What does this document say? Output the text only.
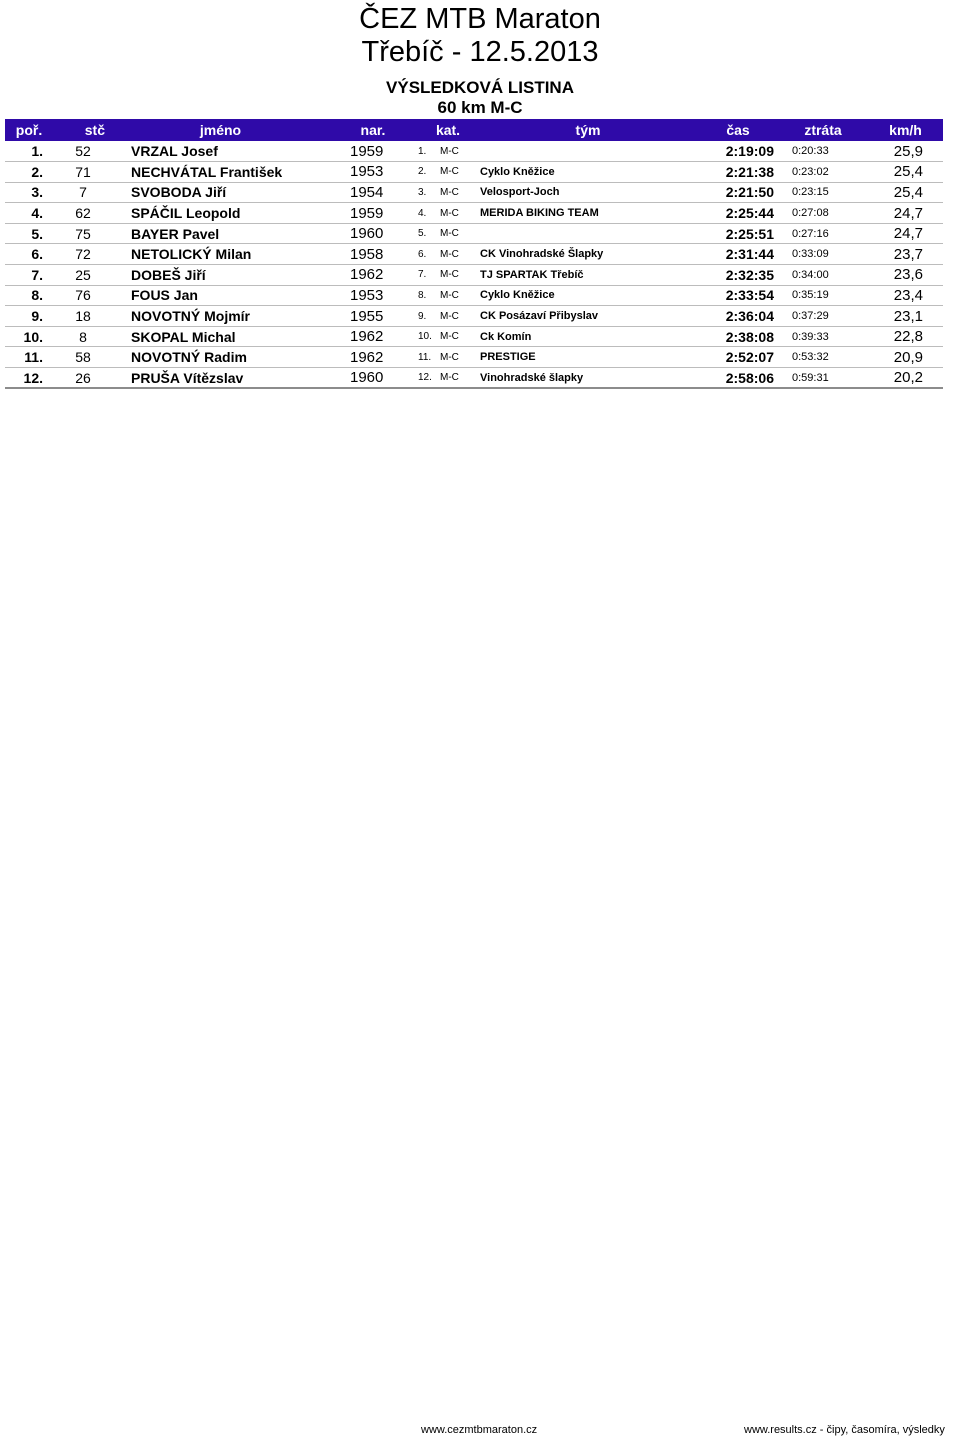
ČEZ MTB Maraton
Třebíč - 12.5.2013
VÝSLEDKOVÁ LISTINA
60 km M-C
poř.	stč	jméno	nar.	kat.		tým	čas	ztráta	km/h
1.	52	VRZAL Josef	1959	1.	M-C		2:19:09	0:20:33	25,9
2.	71	NECHVÁTAL František	1953	2.	M-C	Cyklo Kněžice	2:21:38	0:23:02	25,4
3.	7	SVOBODA Jiří	1954	3.	M-C	Velosport-Joch	2:21:50	0:23:15	25,4
4.	62	SPÁČIL Leopold	1959	4.	M-C	MERIDA BIKING TEAM	2:25:44	0:27:08	24,7
5.	75	BAYER Pavel	1960	5.	M-C		2:25:51	0:27:16	24,7
6.	72	NETOLICKÝ Milan	1958	6.	M-C	CK Vinohradské Šlapky	2:31:44	0:33:09	23,7
7.	25	DOBEŠ Jiří	1962	7.	M-C	TJ SPARTAK Třebíč	2:32:35	0:34:00	23,6
8.	76	FOUS Jan	1953	8.	M-C	Cyklo Kněžice	2:33:54	0:35:19	23,4
9.	18	NOVOTNÝ Mojmír	1955	9.	M-C	CK Posázaví Přibyslav	2:36:04	0:37:29	23,1
10.	8	SKOPAL Michal	1962	10.	M-C	Ck Komín	2:38:08	0:39:33	22,8
11.	58	NOVOTNÝ Radim	1962	11.	M-C	PRESTIGE	2:52:07	0:53:32	20,9
12.	26	PRUŠA Vítězslav	1960	12.	M-C	Vinohradské šlapky	2:58:06	0:59:31	20,2
www.cezmtbmaraton.cz	www.results.cz - čipy, časomíra, výsledky
